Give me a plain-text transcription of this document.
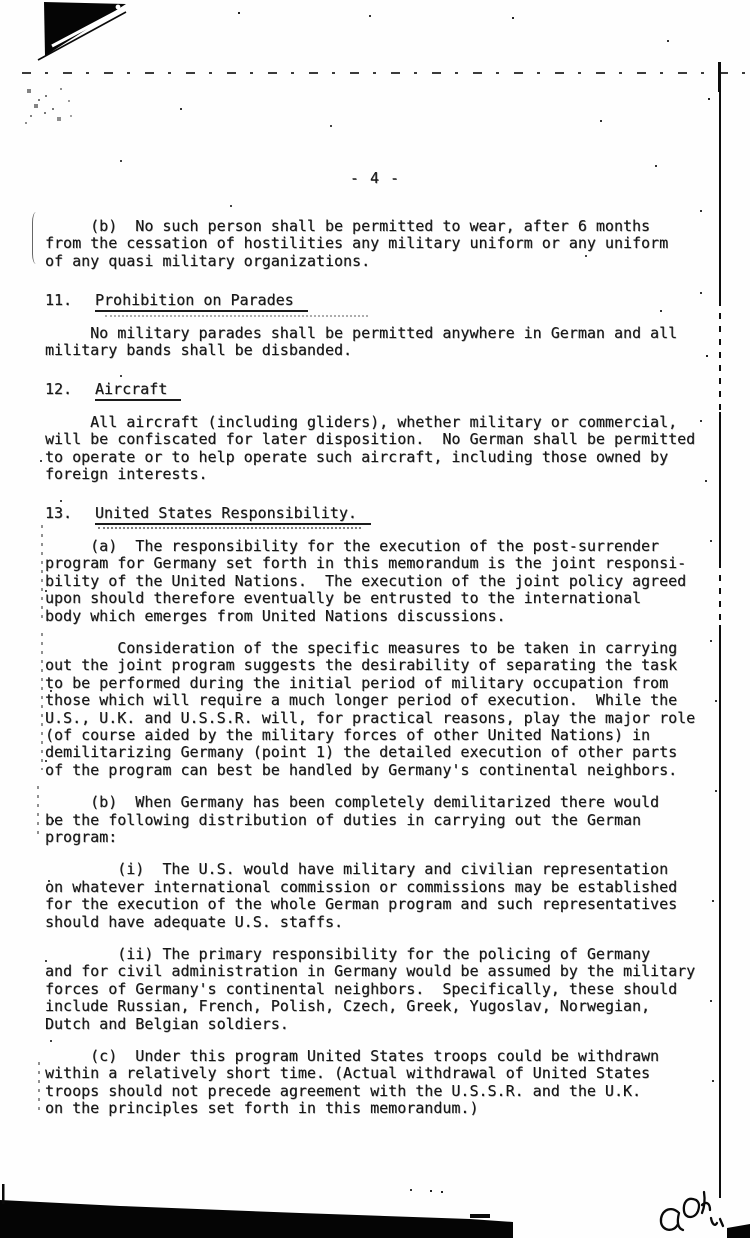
- 4 -
(b)  No such person shall be permitted to wear, after 6 months
from the cessation of hostilities any military uniform or any uniform
of any quasi military organizations.
11. Prohibition on Parades
No military parades shall be permitted anywhere in German and all
military bands shall be disbanded.
12. Aircraft
All aircraft (including gliders), whether military or commercial,
will be confiscated for later disposition.  No German shall be permitted
to operate or to help operate such aircraft, including those owned by
foreign interests.
13. United States Responsibility.
(a)  The responsibility for the execution of the post-surrender
program for Germany set forth in this memorandum is the joint responsi-
bility of the United Nations.  The execution of the joint policy agreed
upon should therefore eventually be entrusted to the international
body which emerges from United Nations discussions.
Consideration of the specific measures to be taken in carrying
out the joint program suggests the desirability of separating the task
to be performed during the initial period of military occupation from
those which will require a much longer period of execution.  While the
U.S., U.K. and U.S.S.R. will, for practical reasons, play the major role
(of course aided by the military forces of other United Nations) in
demilitarizing Germany (point 1) the detailed execution of other parts
of the program can best be handled by Germany's continental neighbors.
(b)  When Germany has been completely demilitarized there would
be the following distribution of duties in carrying out the German
program:
(i)  The U.S. would have military and civilian representation
on whatever international commission or commissions may be established
for the execution of the whole German program and such representatives
should have adequate U.S. staffs.
(ii) The primary responsibility for the policing of Germany
and for civil administration in Germany would be assumed by the military
forces of Germany's continental neighbors.  Specifically, these should
include Russian, French, Polish, Czech, Greek, Yugoslav, Norwegian,
Dutch and Belgian soldiers.
(c)  Under this program United States troops could be withdrawn
within a relatively short time. (Actual withdrawal of United States
troops should not precede agreement with the U.S.S.R. and the U.K.
on the principles set forth in this memorandum.)
